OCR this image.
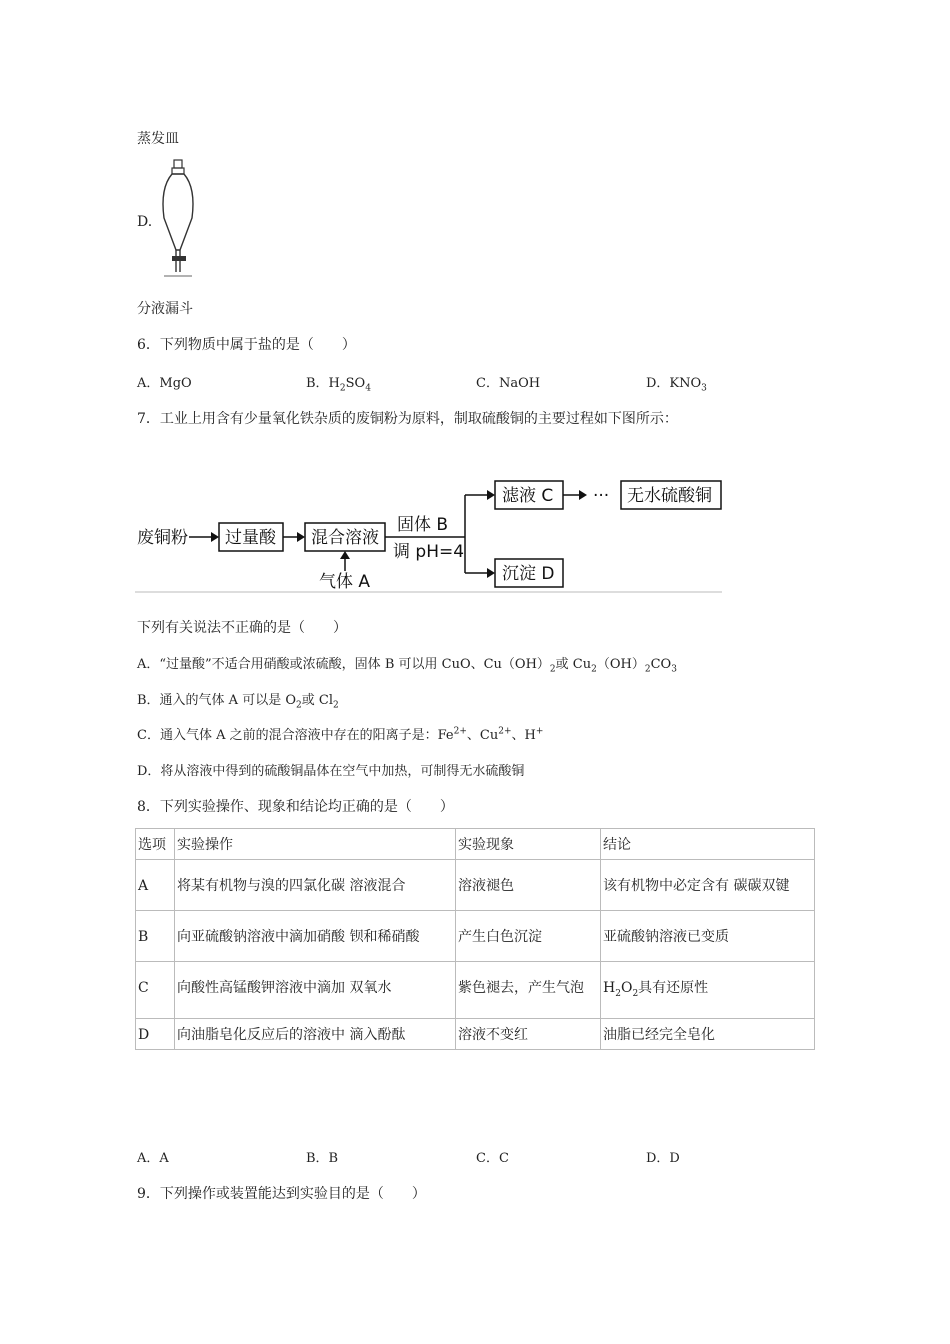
蒸发皿
D.
分液漏斗
6．下列物质中属于盐的是（　　）
A．MgO	B．$H_2SO_4$	C．NaOH	D．$KNO_3$
7．工业上用含有少量氧化铁杂质的废铜粉为原料，制取硫酸铜的主要过程如下图所示：
废铜粉 过量酸 混合溶液
气体 A
固体 B
调 pH=4
滤液 C ··· 无水硫酸铜
沉淀 D
下列有关说法不正确的是（　　）
A．“过量酸”不适合用硝酸或浓硫酸，固体 B 可以用 CuO、$Cu(OH)_2$或 $Cu_2(OH)_2CO_3$
B．通入的气体 A 可以是 $O_2$或 $Cl_2$
C．通入气体 A 之前的混合溶液中存在的阳离子是：$Fe^{2+}$、$Cu^{2+}$、H+
D．将从溶液中得到的硫酸铜晶体在空气中加热，可制得无水硫酸铜
8．下列实验操作、现象和结论均正确的是（　　）
选项	实验操作	实验现象	结论
A	将某有机物与溴的四氯化碳 溶液混合	溶液褪色	该有机物中必定含有 碳碳双键
B	向亚硫酸钠溶液中滴加硝酸 钡和稀硝酸	产生白色沉淀	亚硫酸钠溶液已变质
C	向酸性高锰酸钾溶液中滴加 双氧水	紫色褪去，产生气泡	$H_2O_2$具有还原性
D	向油脂皂化反应后的溶液中 滴入酚酞	溶液不变红	油脂已经完全皂化
A．A	B．B	C．C	D．D
9．下列操作或装置能达到实验目的是（　　）
